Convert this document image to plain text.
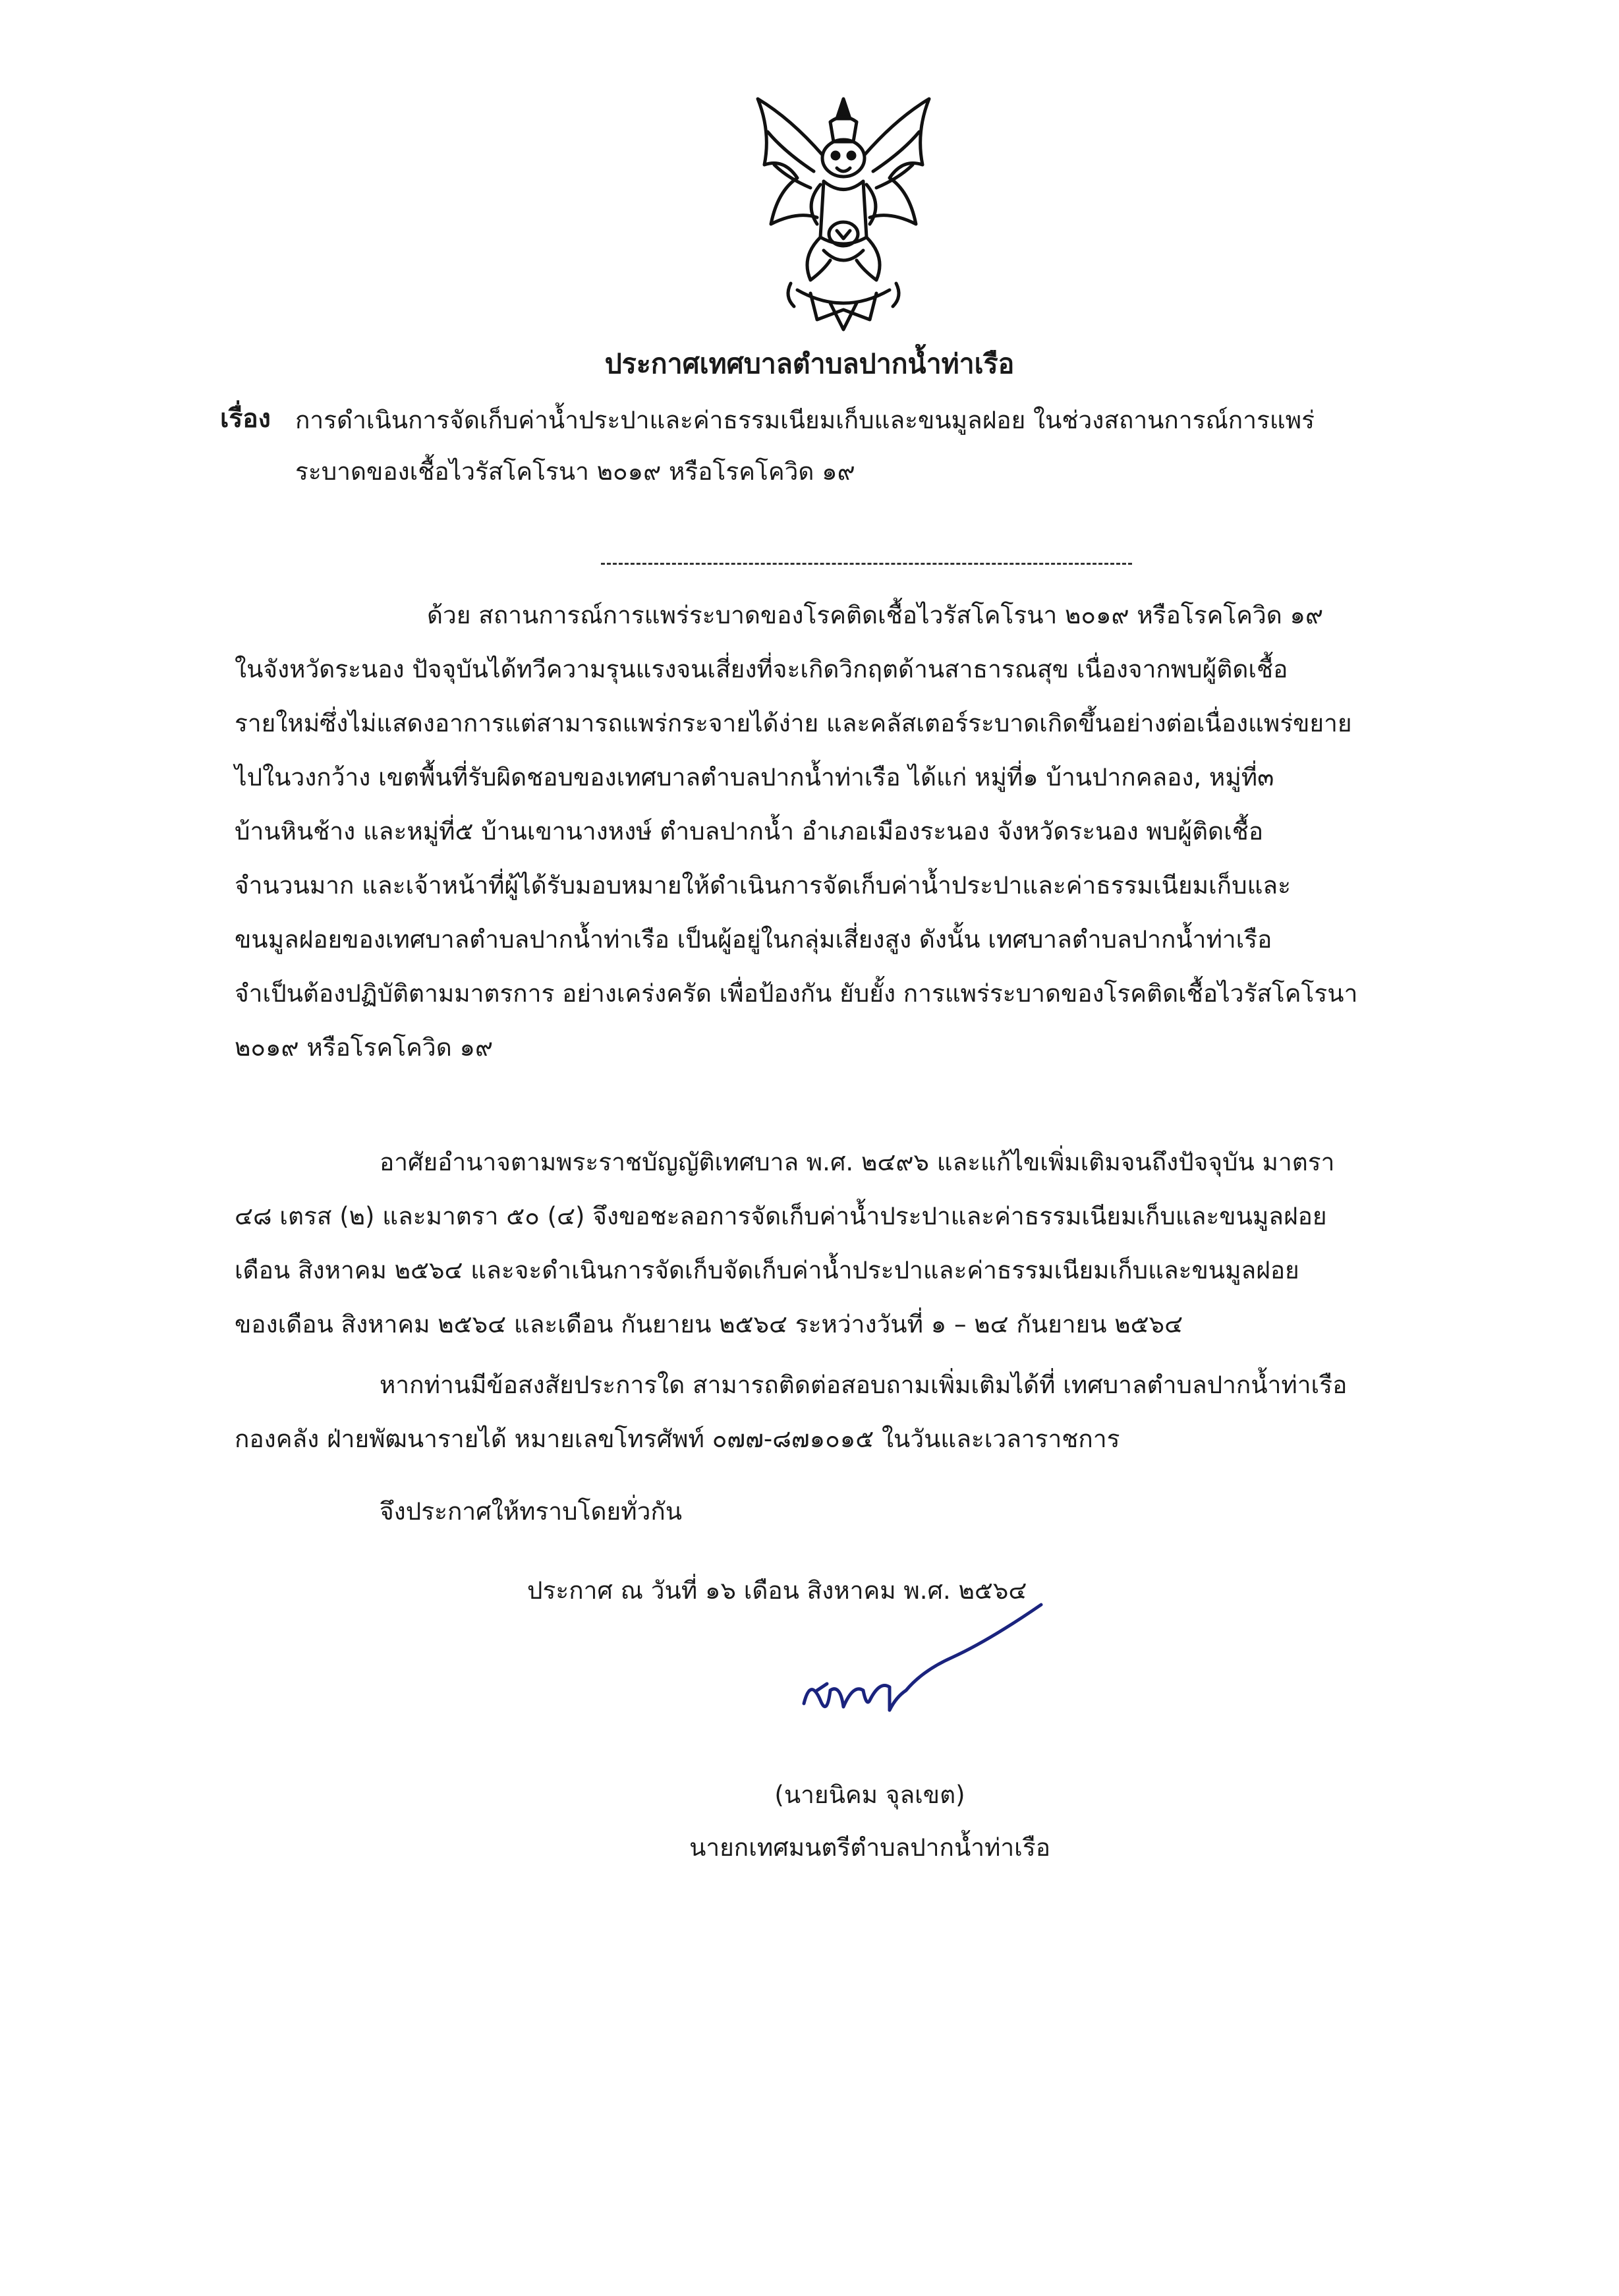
ประกาศเทศบาลตำบลปากน้ำท่าเรือ
เรื่อง การดำเนินการจัดเก็บค่าน้ำประปาและค่าธรรมเนียมเก็บและขนมูลฝอย ในช่วงสถานการณ์การแพร่
ระบาดของเชื้อไวรัสโคโรนา ๒๐๑๙ หรือโรคโควิด ๑๙
ด้วย สถานการณ์การแพร่ระบาดของโรคติดเชื้อไวรัสโคโรนา ๒๐๑๙ หรือโรคโควิด ๑๙
ในจังหวัดระนอง ปัจจุบันได้ทวีความรุนแรงจนเสี่ยงที่จะเกิดวิกฤตด้านสาธารณสุข เนื่องจากพบผู้ติดเชื้อ
รายใหม่ซึ่งไม่แสดงอาการแต่สามารถแพร่กระจายได้ง่าย และคลัสเตอร์ระบาดเกิดขึ้นอย่างต่อเนื่องแพร่ขยาย
ไปในวงกว้าง เขตพื้นที่รับผิดชอบของเทศบาลตำบลปากน้ำท่าเรือ ได้แก่ หมู่ที่๑ บ้านปากคลอง, หมู่ที่๓
บ้านหินช้าง และหมู่ที่๕ บ้านเขานางหงษ์ ตำบลปากน้ำ อำเภอเมืองระนอง จังหวัดระนอง พบผู้ติดเชื้อ
จำนวนมาก และเจ้าหน้าที่ผู้ได้รับมอบหมายให้ดำเนินการจัดเก็บค่าน้ำประปาและค่าธรรมเนียมเก็บและ
ขนมูลฝอยของเทศบาลตำบลปากน้ำท่าเรือ เป็นผู้อยู่ในกลุ่มเสี่ยงสูง ดังนั้น เทศบาลตำบลปากน้ำท่าเรือ
จำเป็นต้องปฏิบัติตามมาตรการ อย่างเคร่งครัด เพื่อป้องกัน ยับยั้ง การแพร่ระบาดของโรคติดเชื้อไวรัสโคโรนา
๒๐๑๙ หรือโรคโควิด ๑๙
อาศัยอำนาจตามพระราชบัญญัติเทศบาล พ.ศ. ๒๔๙๖ และแก้ไขเพิ่มเติมจนถึงปัจจุบัน มาตรา
๔๘ เตรส (๒) และมาตรา ๕๐ (๔) จึงขอชะลอการจัดเก็บค่าน้ำประปาและค่าธรรมเนียมเก็บและขนมูลฝอย
เดือน สิงหาคม ๒๕๖๔ และจะดำเนินการจัดเก็บจัดเก็บค่าน้ำประปาและค่าธรรมเนียมเก็บและขนมูลฝอย
ของเดือน สิงหาคม ๒๕๖๔ และเดือน กันยายน ๒๕๖๔ ระหว่างวันที่ ๑ – ๒๔ กันยายน ๒๕๖๔
หากท่านมีข้อสงสัยประการใด สามารถติดต่อสอบถามเพิ่มเติมได้ที่ เทศบาลตำบลปากน้ำท่าเรือ
กองคลัง ฝ่ายพัฒนารายได้ หมายเลขโทรศัพท์ ๐๗๗-๘๗๑๐๑๕ ในวันและเวลาราชการ
จึงประกาศให้ทราบโดยทั่วกัน
ประกาศ ณ วันที่ ๑๖ เดือน สิงหาคม พ.ศ. ๒๕๖๔
(นายนิคม จุลเขต)
นายกเทศมนตรีตำบลปากน้ำท่าเรือ
